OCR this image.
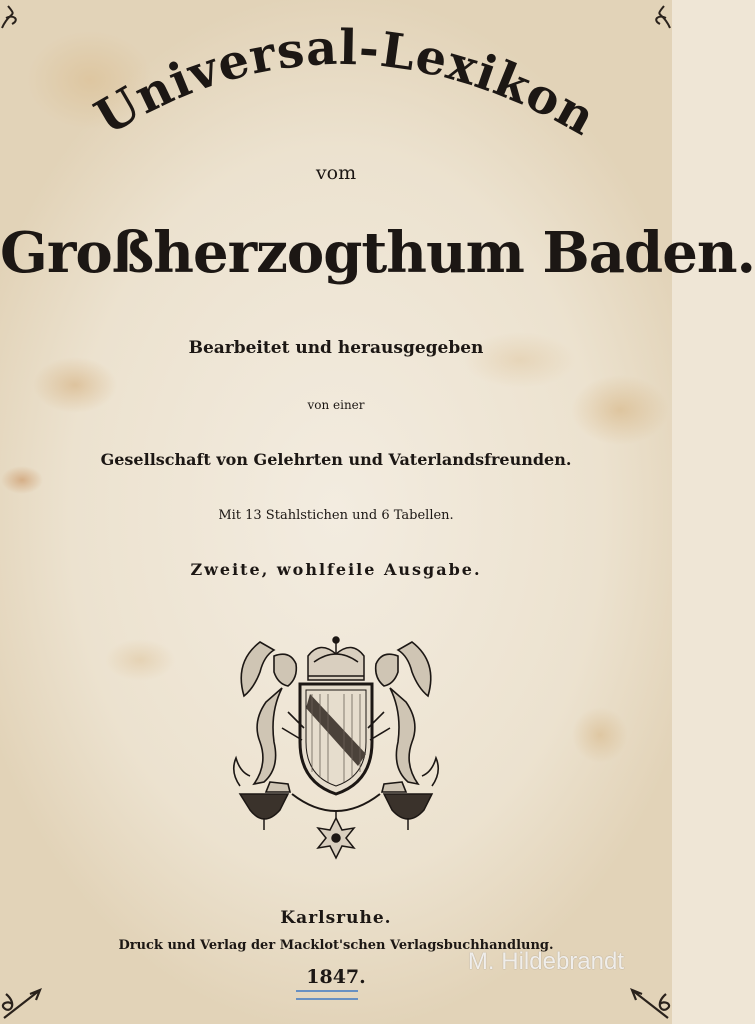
Universal-Lexikon

vom

Großherzogthum Baden.

Bearbeitet und herausgegeben

von einer

Gesellschaft von Gelehrten und Vaterlandsfreunden.

Mit 13 Stahlstichen und 6 Tabellen.

Zweite, wohlfeile Ausgabe.

Karlsruhe.

Druck und Verlag der Macklot'schen Verlagsbuchhandlung.

1847.

M. Hildebrandt
